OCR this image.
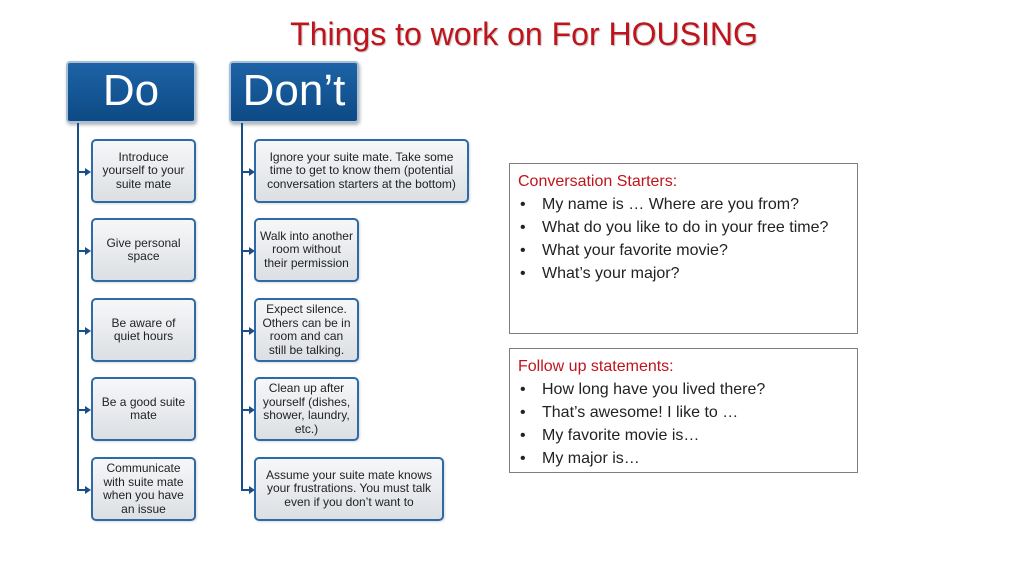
Things to work on For HOUSING
Do
Introduce yourself to your suite mate
Give personal space
Be aware of quiet hours
Be a good suite mate
Communicate with suite mate when you have an issue
Don’t
Ignore your suite mate. Take some time to get to know them (potential conversation starters at the bottom)
Walk into another room without their permission
Expect silence. Others can be in room and can still be talking.
Clean up after yourself (dishes, shower, laundry, etc.)
Assume your suite mate knows your frustrations. You must talk even if you don’t want to
Conversation Starters:
• My name is … Where are you from?
• What do you like to do in your free time?
• What your favorite movie?
• What’s your major?
Follow up statements:
• How long have you lived there?
• That’s awesome! I like to …
• My favorite movie is…
• My major is…
